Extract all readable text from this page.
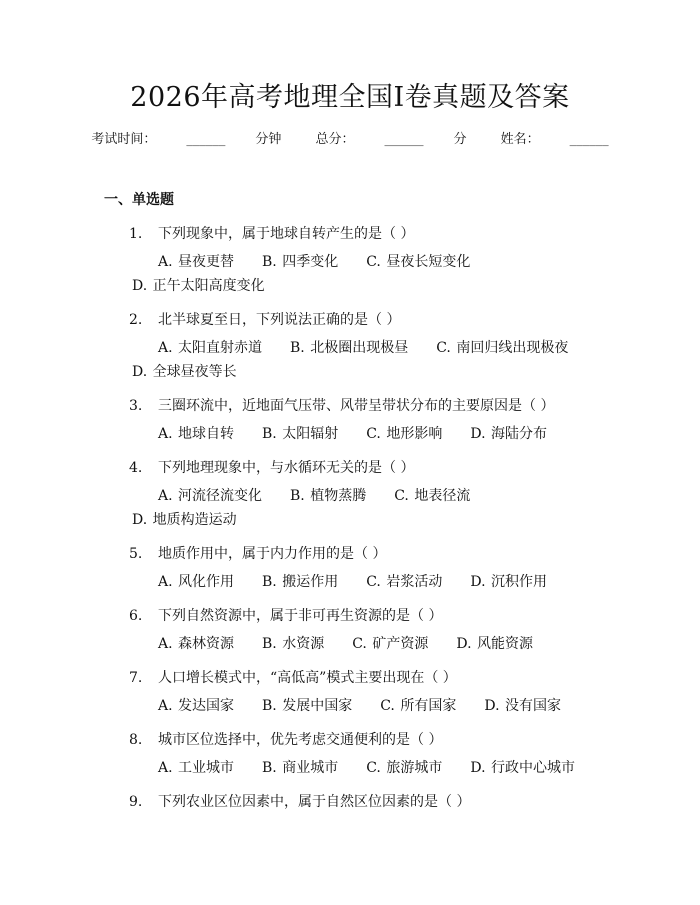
2026年高考地理全国Ⅰ卷真题及答案
考试时间： ______ 分钟	总分： ______ 分	姓名： ______
一、单选题
1. 下列现象中，属于地球自转产生的是（ ）
A. 昼夜更替 B. 四季变化 C. 昼夜长短变化D. 正午太阳高度变化
2. 北半球夏至日，下列说法正确的是（ ）
A. 太阳直射赤道 B. 北极圈出现极昼 C. 南回归线出现极夜D. 全球昼夜等长
3. 三圈环流中，近地面气压带、风带呈带状分布的主要原因是（ ）
A. 地球自转 B. 太阳辐射 C. 地形影响 D. 海陆分布
4. 下列地理现象中，与水循环无关的是（ ）
A. 河流径流变化 B. 植物蒸腾 C. 地表径流D. 地质构造运动
5. 地质作用中，属于内力作用的是（ ）
A. 风化作用 B. 搬运作用 C. 岩浆活动 D. 沉积作用
6. 下列自然资源中，属于非可再生资源的是（ ）
A. 森林资源 B. 水资源 C. 矿产资源 D. 风能资源
7. 人口增长模式中，“高低高”模式主要出现在（ ）
A. 发达国家 B. 发展中国家 C. 所有国家 D. 没有国家
8. 城市区位选择中，优先考虑交通便利的是（ ）
A. 工业城市 B. 商业城市 C. 旅游城市 D. 行政中心城市
9. 下列农业区位因素中，属于自然区位因素的是（ ）
